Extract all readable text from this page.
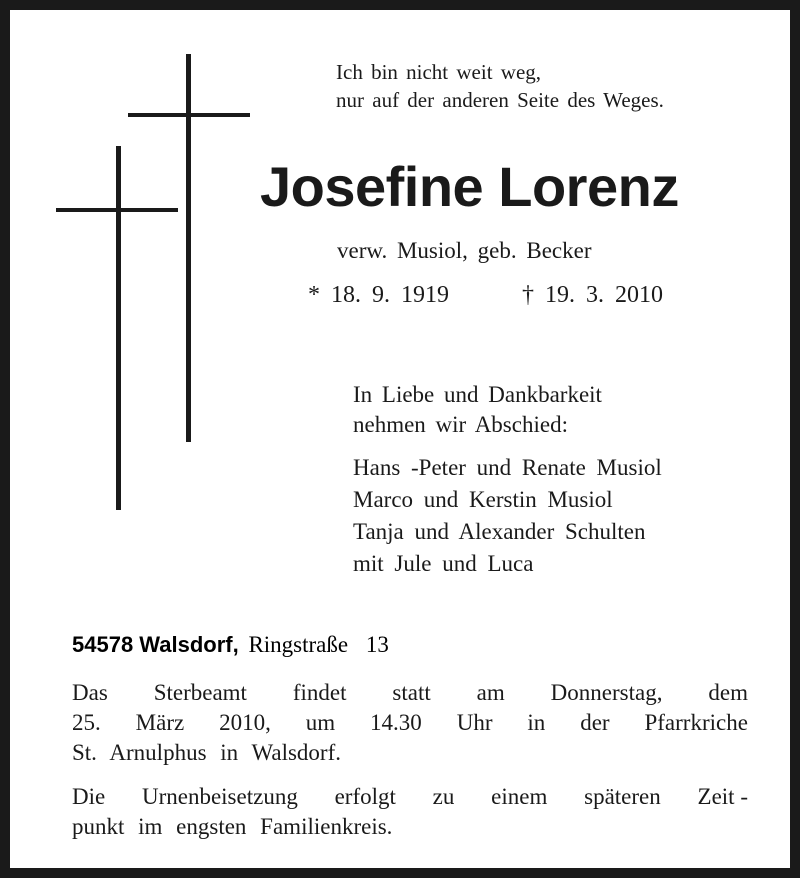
Ich bin nicht weit weg,
nur auf der anderen Seite des Weges.
Josefine Lorenz
verw. Musiol, geb. Becker
* 18. 9. 1919	† 19. 3. 2010
In Liebe und Dankbarkeit
nehmen wir Abschied:
Hans -Peter und Renate Musiol
Marco und Kerstin Musiol
Tanja und Alexander Schulten
mit Jule und Luca
54578 Walsdorf, Ringstraße 13
Das Sterbeamt findet statt am Donnerstag, dem
25. März 2010, um 14.30 Uhr in der Pfarrkriche
St. Arnulphus in Walsdorf.
Die Urnenbeisetzung erfolgt zu einem späteren Zeit -
punkt im engsten Familienkreis.
